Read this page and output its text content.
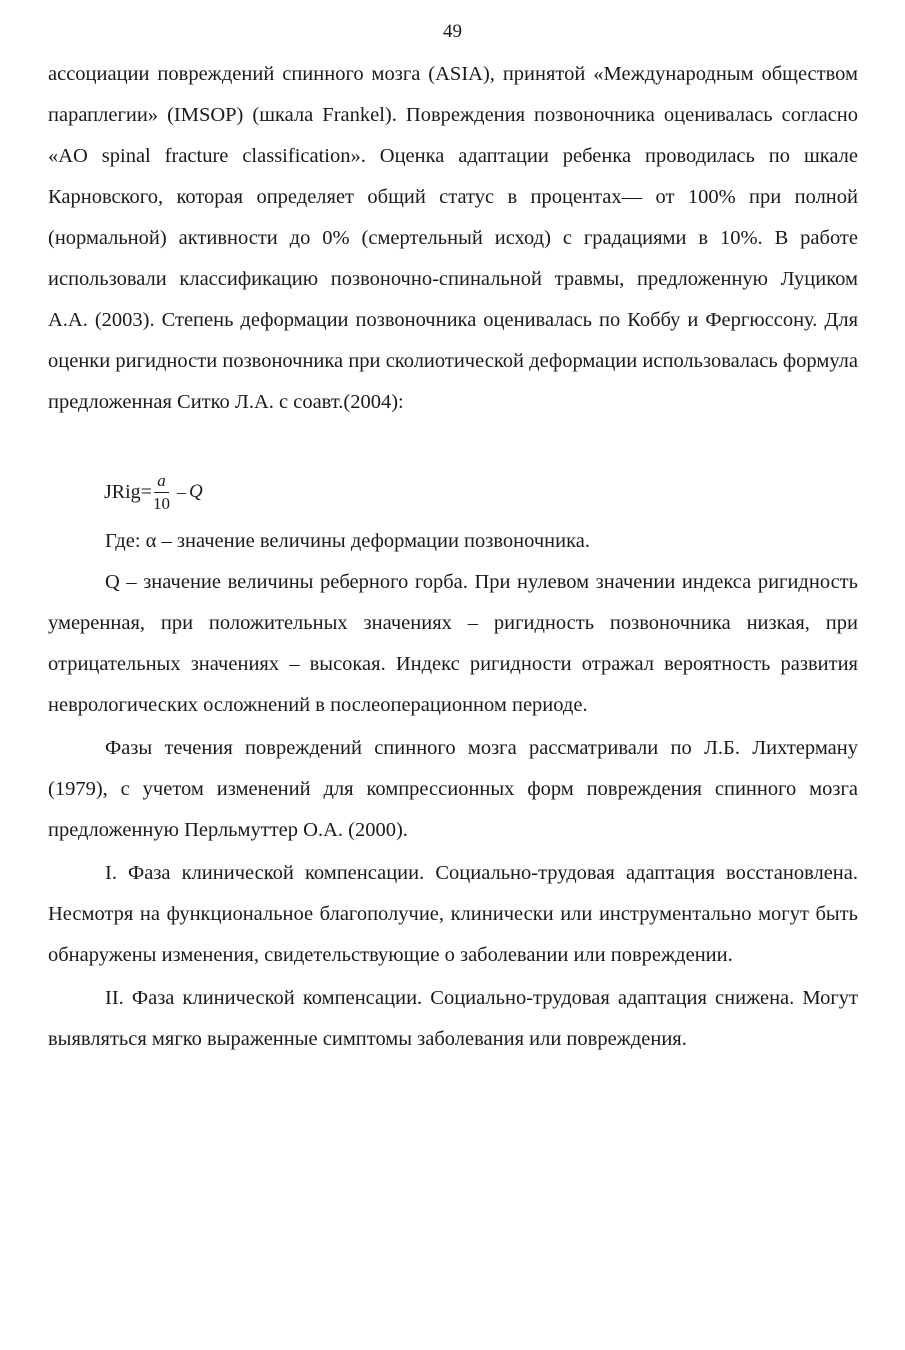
49

ассоциации повреждений спинного мозга (ASIA), принятой «Международным обществом параплегии» (IMSOP) (шкала Frankel). Повреждения позвоночника оценивалась согласно «AO spinal fracture classification». Оценка адаптации ребенка проводилась по шкале Карновского, которая определяет общий статус в процентах— от 100% при полной (нормальной) активности до 0% (смертельный исход) с градациями в 10%. В работе использовали классификацию позвоночно-спинальной травмы, предложенную Луциком А.А. (2003). Степень деформации позвоночника оценивалась по Коббу и Фергюссону. Для оценки ригидности позвоночника при сколиотической деформации использовалась формула предложенная Ситко Л.А. с соавт.(2004):

JRig= $\frac{a}{10}$ – Q

Где: α – значение величины деформации позвоночника.

Q – значение величины реберного горба. При нулевом значении индекса ригидность умеренная, при положительных значениях – ригидность позвоночника низкая, при отрицательных значениях – высокая. Индекс ригидности отражал вероятность развития неврологических осложнений в послеоперационном периоде.

Фазы течения повреждений спинного мозга рассматривали по Л.Б. Лихтерману (1979), с учетом изменений для компрессионных форм повреждения спинного мозга предложенную Перльмуттер О.А. (2000).

I. Фаза клинической компенсации. Социально-трудовая адаптация восстановлена. Несмотря на функциональное благополучие, клинически или инструментально могут быть обнаружены изменения, свидетельствующие о заболевании или повреждении.

II. Фаза клинической компенсации. Социально-трудовая адаптация снижена. Могут выявляться мягко выраженные симптомы заболевания или повреждения.
